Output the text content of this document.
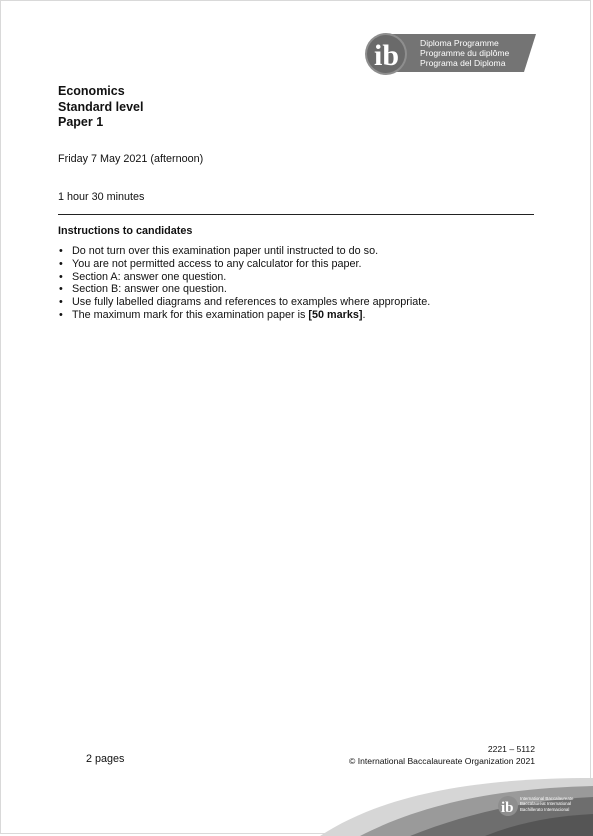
ib Diploma Programme
Programme du diplôme
Programa del Diploma
Economics
Standard level
Paper 1
Friday 7 May 2021 (afternoon)
1 hour 30 minutes
Instructions to candidates
• Do not turn over this examination paper until instructed to do so.
• You are not permitted access to any calculator for this paper.
• Section A: answer one question.
• Section B: answer one question.
• Use fully labelled diagrams and references to examples where appropriate.
• The maximum mark for this examination paper is [50 marks].
2 pages
2221 – 5112
© International Baccalaureate Organization 2021
ib
International Baccalaureate
Baccalauréat International
Bachillerato Internacional
